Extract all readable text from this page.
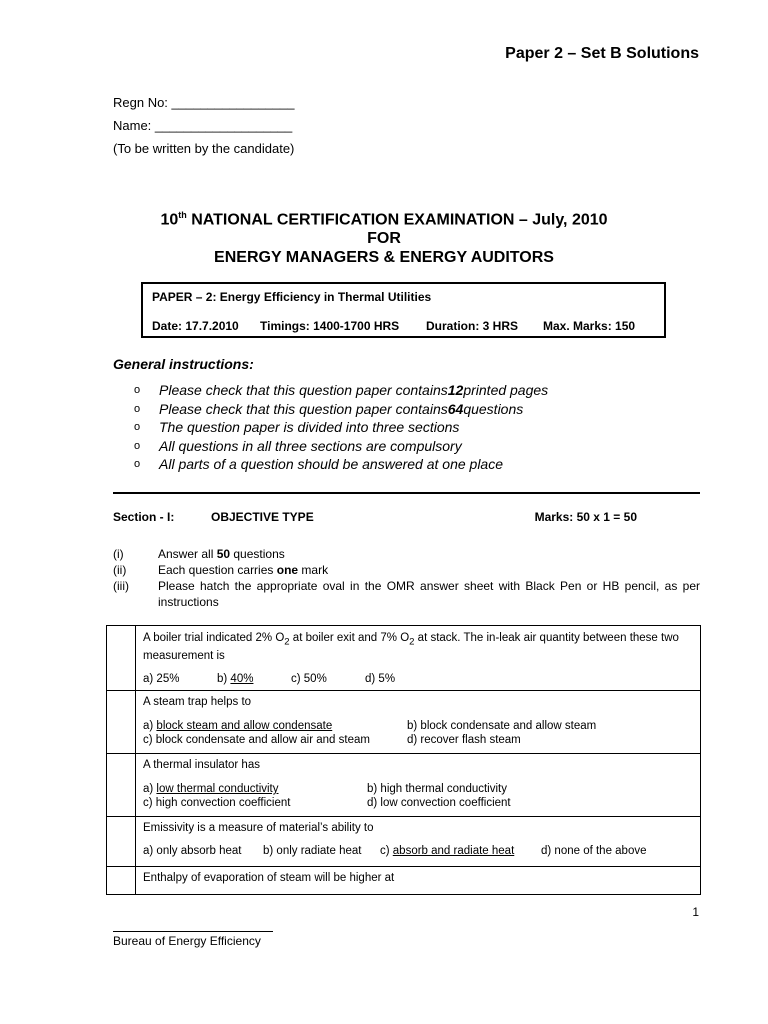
Paper 2 – Set B Solutions
Regn No: _________________
Name: ___________________
(To be written by the candidate)
10th NATIONAL CERTIFICATION EXAMINATION – July, 2010
FOR
ENERGY MANAGERS & ENERGY AUDITORS
PAPER – 2: Energy Efficiency in Thermal Utilities
Date: 17.7.2010	Timings: 1400-1700 HRS	Duration: 3 HRS	Max. Marks: 150
General instructions:
o	Please check that this question paper contains 12 printed pages
o	Please check that this question paper contains 64 questions
o	The question paper is divided into three sections
o	All questions in all three sections are compulsory
o	All parts of a question should be answered at one place
Section - I:	OBJECTIVE TYPE	Marks: 50 x 1 = 50
(i)	Answer all 50 questions
(ii)	Each question carries one mark
(iii)	Please hatch the appropriate oval in the OMR answer sheet with Black Pen or HB pencil, as per instructions
A boiler trial indicated 2% $O_2$ at boiler exit and 7% $O_2$ at stack. The in-leak air quantity between these two measurement is
a) 25%	b) 40%	c) 50%	d) 5%
A steam trap helps to
a) block steam and allow condensate	b) block condensate and allow steam
c) block condensate and allow air and steam	d) recover flash steam
A thermal insulator has
a) low thermal conductivity	b) high thermal conductivity
c) high convection coefficient	d) low convection coefficient
Emissivity is a measure of material’s ability to
a) only absorb heat b) only radiate heat c) absorb and radiate heat d) none of the above
Enthalpy of evaporation of steam will be higher at
1
Bureau of Energy Efficiency
